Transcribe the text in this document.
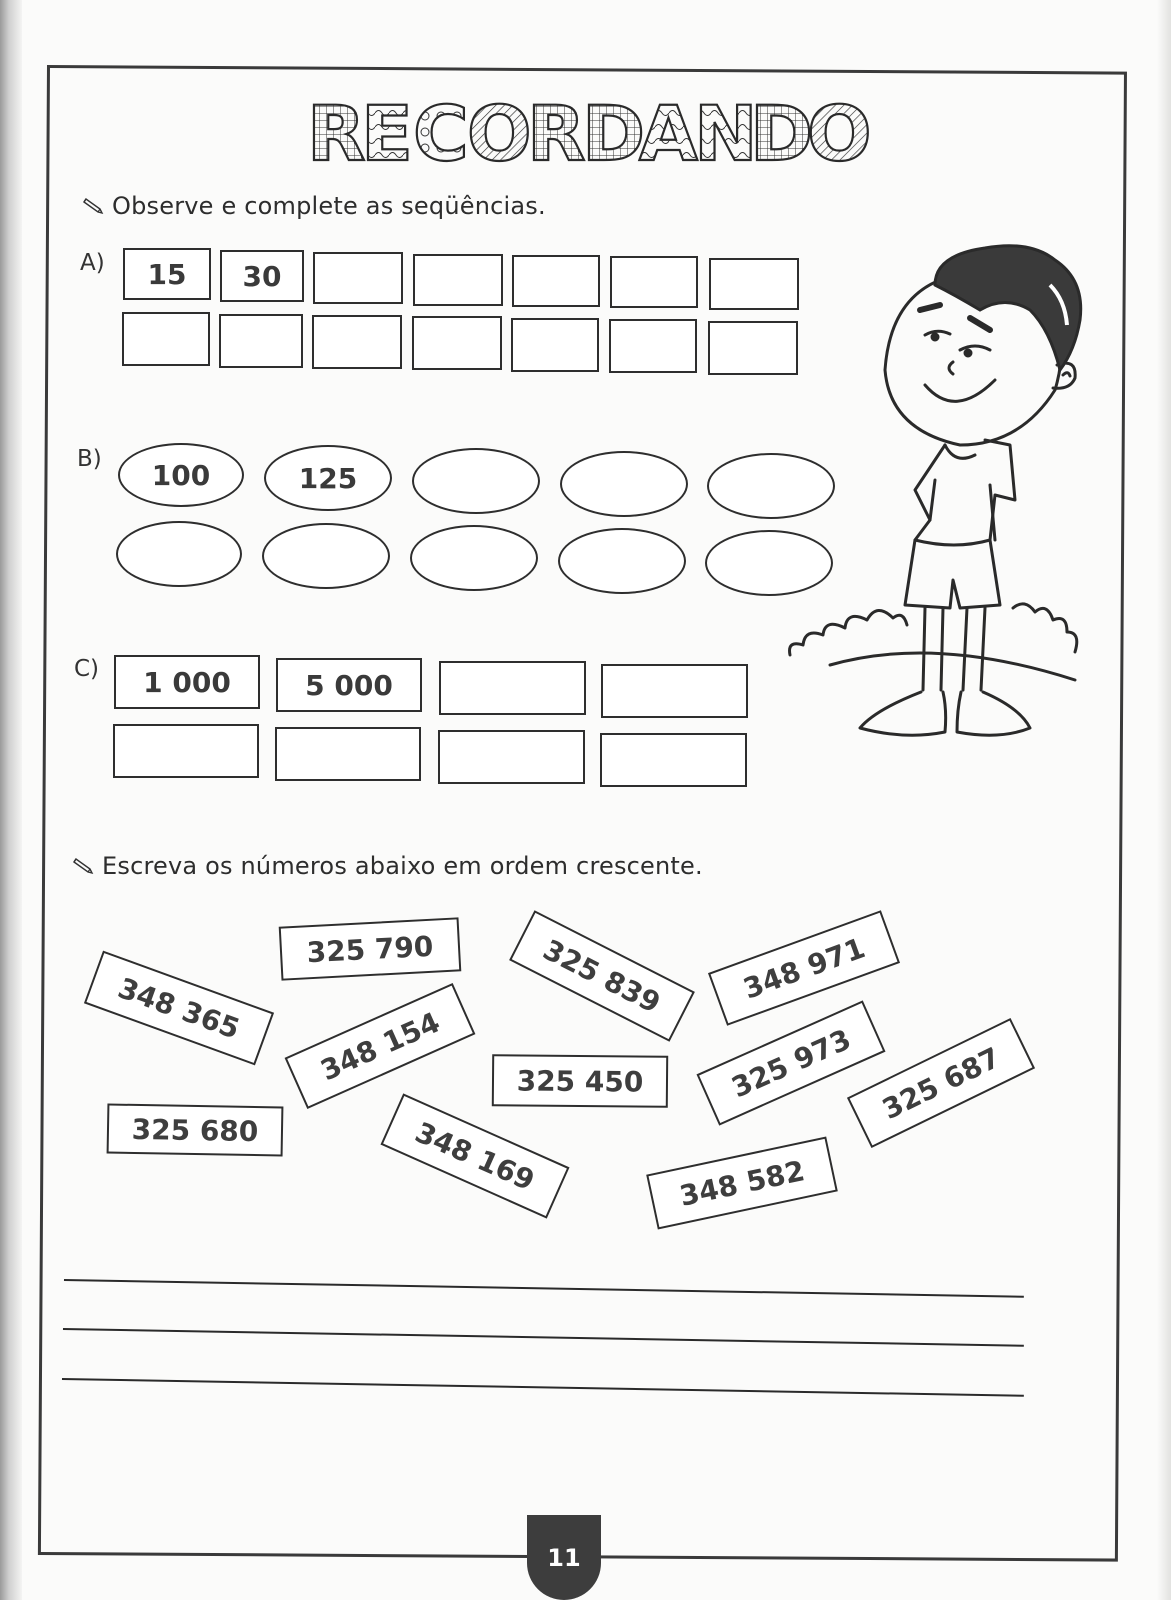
R
E C
O
R
D
A
N
D
O
Observe e complete as seqüências.
A)	15	30
B)	100	125
C)	1 000	5 000
Escreva os números abaixo em ordem crescente.
325 790	325 839	348 971
348 365	348 154	325 450	325 973 325 687
325 680	348 169	348 582
11
